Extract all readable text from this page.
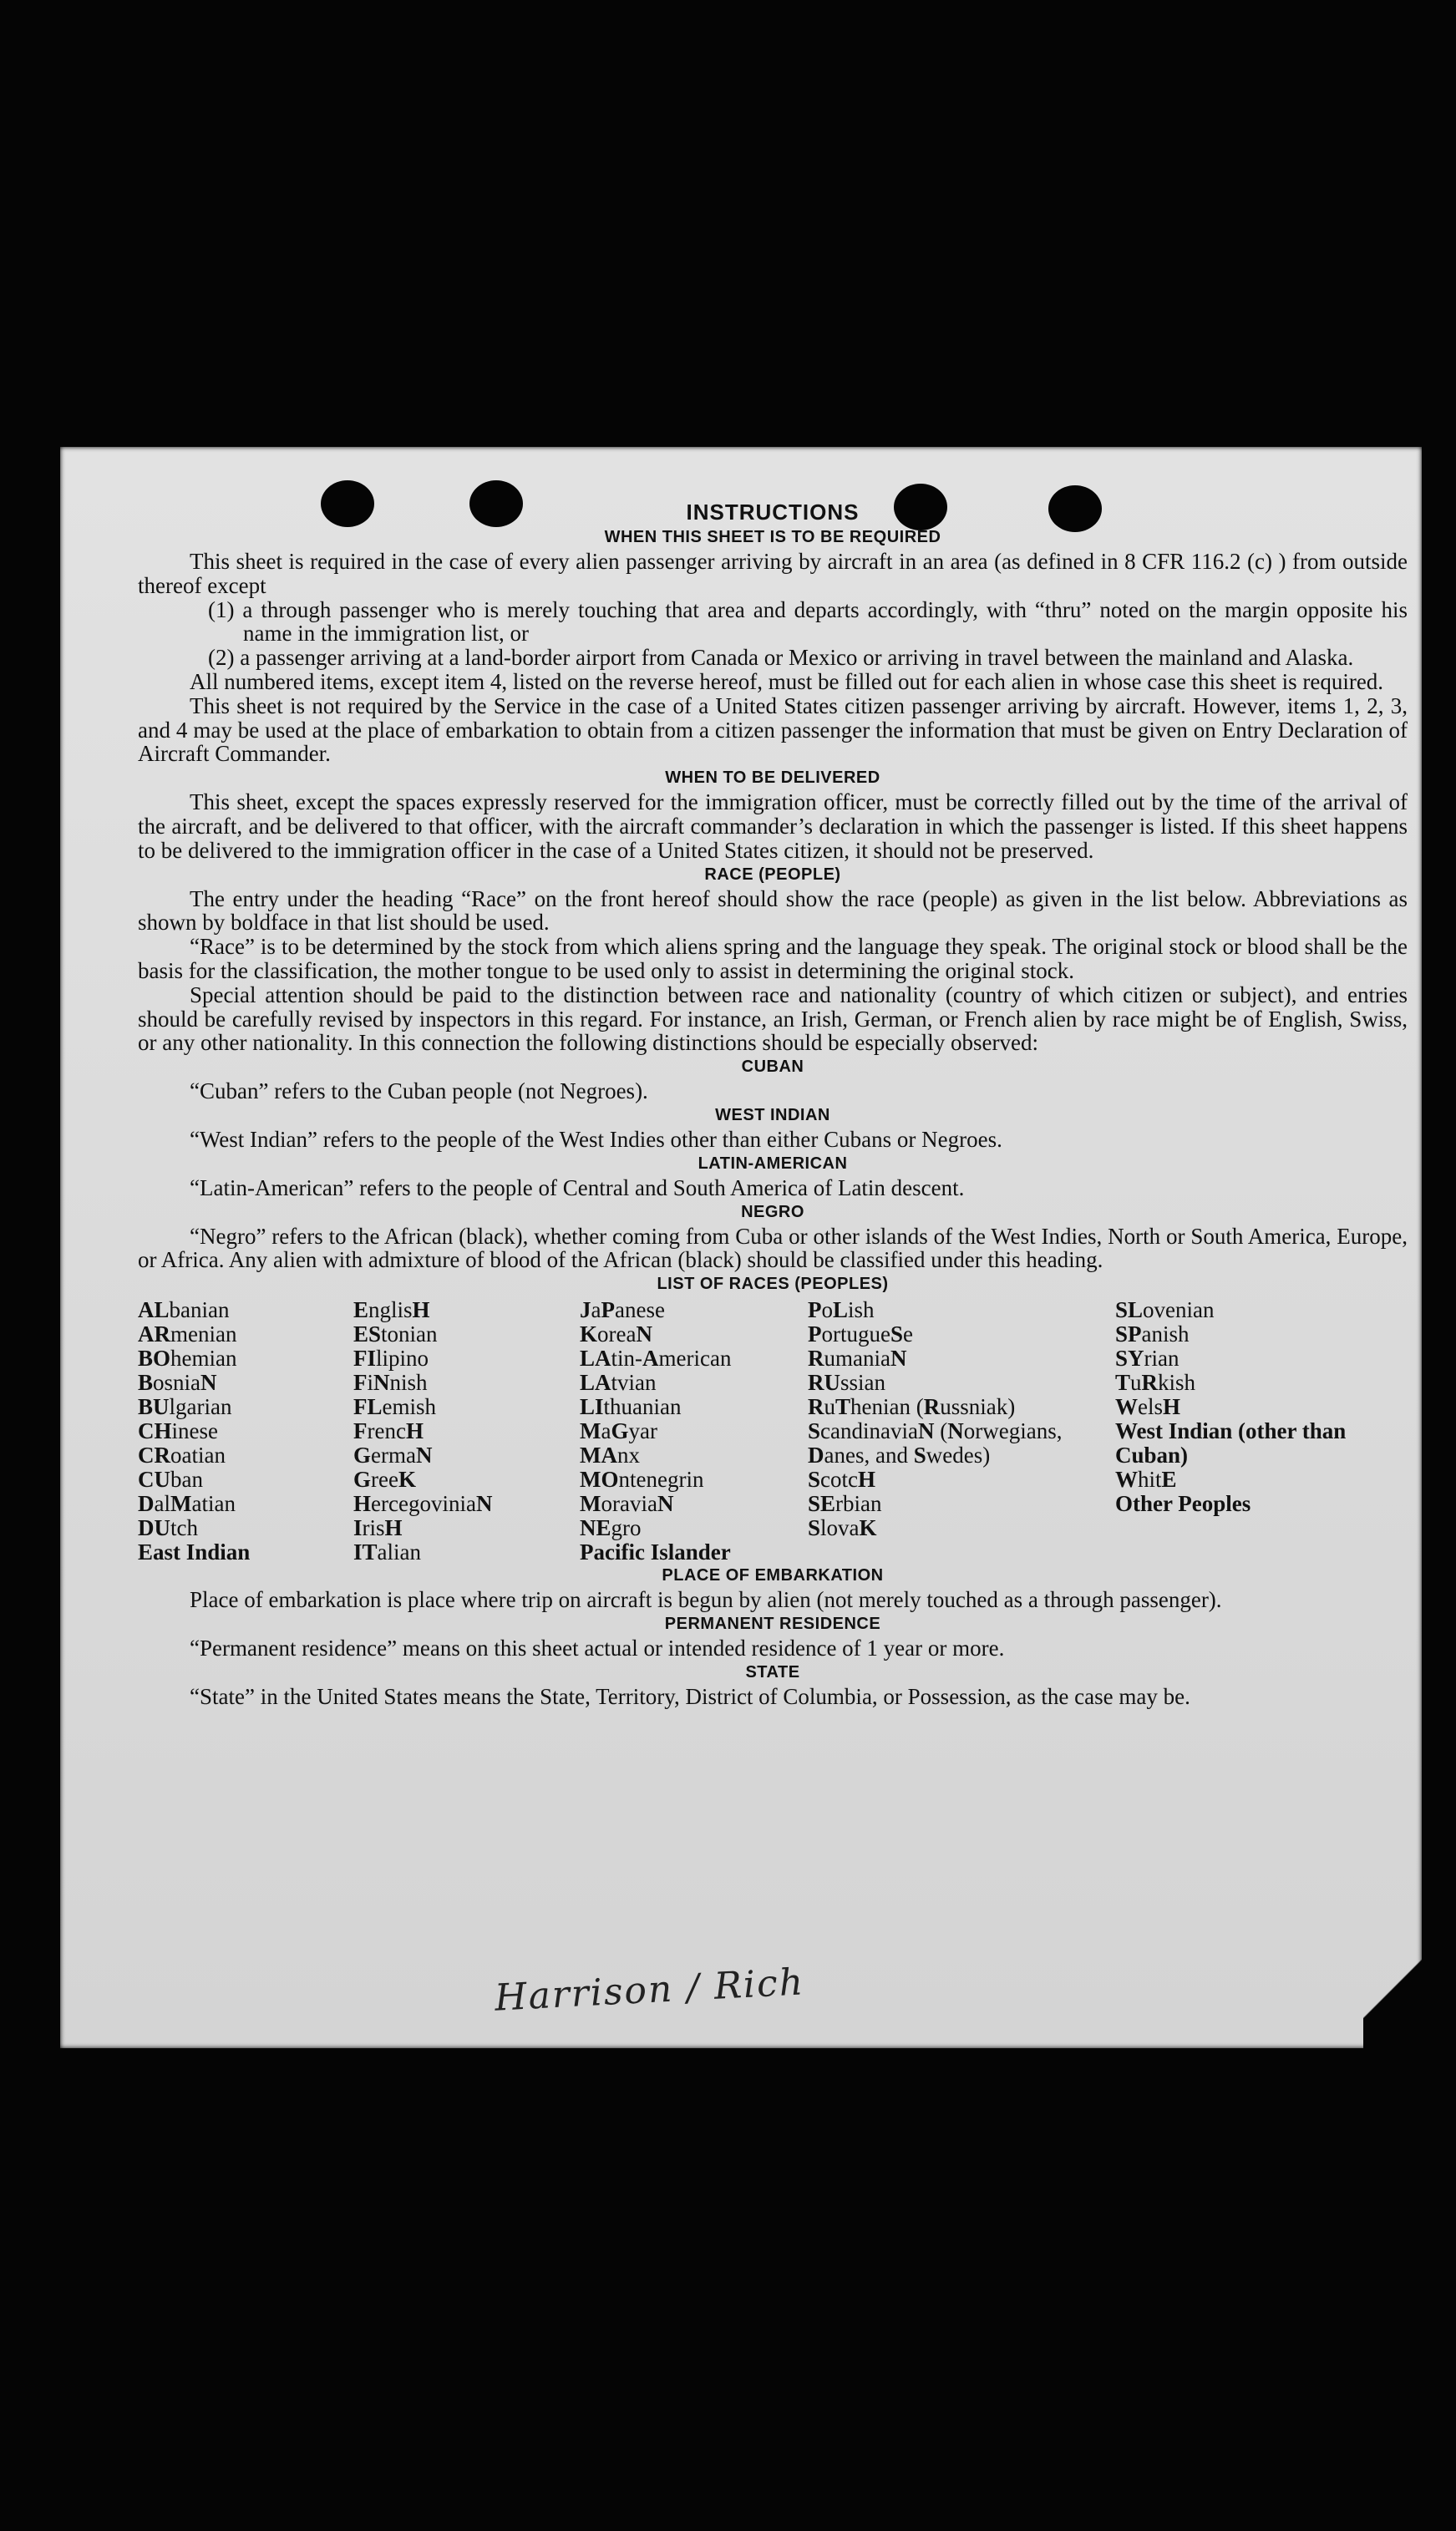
INSTRUCTIONS
WHEN THIS SHEET IS TO BE REQUIRED

This sheet is required in the case of every alien passenger arriving by aircraft in an area (as defined in 8 CFR 116.2 (c) ) from outside thereof except

(1) a through passenger who is merely touching that area and departs accordingly, with “thru” noted on the margin opposite his name in the immigration list, or
(2) a passenger arriving at a land-border airport from Canada or Mexico or arriving in travel between the mainland and Alaska.

All numbered items, except item 4, listed on the reverse hereof, must be filled out for each alien in whose case this sheet is required.

This sheet is not required by the Service in the case of a United States citizen passenger arriving by aircraft. However, items 1, 2, 3, and 4 may be used at the place of embarkation to obtain from a citizen passenger the information that must be given on Entry Declaration of Aircraft Commander.

WHEN TO BE DELIVERED

This sheet, except the spaces expressly reserved for the immigration officer, must be correctly filled out by the time of the arrival of the aircraft, and be delivered to that officer, with the aircraft commander’s declaration in which the passenger is listed. If this sheet happens to be delivered to the immigration officer in the case of a United States citizen, it should not be preserved.

RACE (PEOPLE)

The entry under the heading “Race” on the front hereof should show the race (people) as given in the list below. Abbreviations as shown by boldface in that list should be used.

“Race” is to be determined by the stock from which aliens spring and the language they speak. The original stock or blood shall be the basis for the classification, the mother tongue to be used only to assist in determining the original stock.

Special attention should be paid to the distinction between race and nationality (country of which citizen or subject), and entries should be carefully revised by inspectors in this regard. For instance, an Irish, German, or French alien by race might be of English, Swiss, or any other nationality. In this connection the following distinctions should be especially observed:

CUBAN

“Cuban” refers to the Cuban people (not Negroes).

WEST INDIAN

“West Indian” refers to the people of the West Indies other than either Cubans or Negroes.

LATIN-AMERICAN

“Latin-American” refers to the people of Central and South America of Latin descent.

NEGRO

“Negro” refers to the African (black), whether coming from Cuba or other islands of the West Indies, North or South America, Europe, or Africa. Any alien with admixture of blood of the African (black) should be classified under this heading.

LIST OF RACES (PEOPLES)
ALbanian
ARmenian
BOhemian
BosniaN
BUlgarian
CHinese
CRoatian
CUban
DalMatian
DUtch
East Indian
EnglisH
EStonian
FIlipino
FiNnish
FLemish
FrencH
GermaN
GreeK
HercegoviniaN
IrisH
ITalian
JaPanese
KoreaN
LAtin-American
LAtvian
LIthuanian
MaGyar
MAnx
MOntenegrin
MoraviaN
NEgro
Pacific Islander
PoLish
PortugueSe
RumaniaN
RUssian
RuThenian (Russniak)
ScandinaviaN (Norwegians, Danes, and Swedes)
ScotcH
SErbian
SlovaK
SLovenian
SPanish
SYrian
TuRkish
WelsH
West Indian (other than Cuban)
WhitE
Other Peoples
PLACE OF EMBARKATION

Place of embarkation is place where trip on aircraft is begun by alien (not merely touched as a through passenger).

PERMANENT RESIDENCE

“Permanent residence” means on this sheet actual or intended residence of 1 year or more.

STATE

“State” in the United States means the State, Territory, District of Columbia, or Possession, as the case may be.

Harrison / Rich
